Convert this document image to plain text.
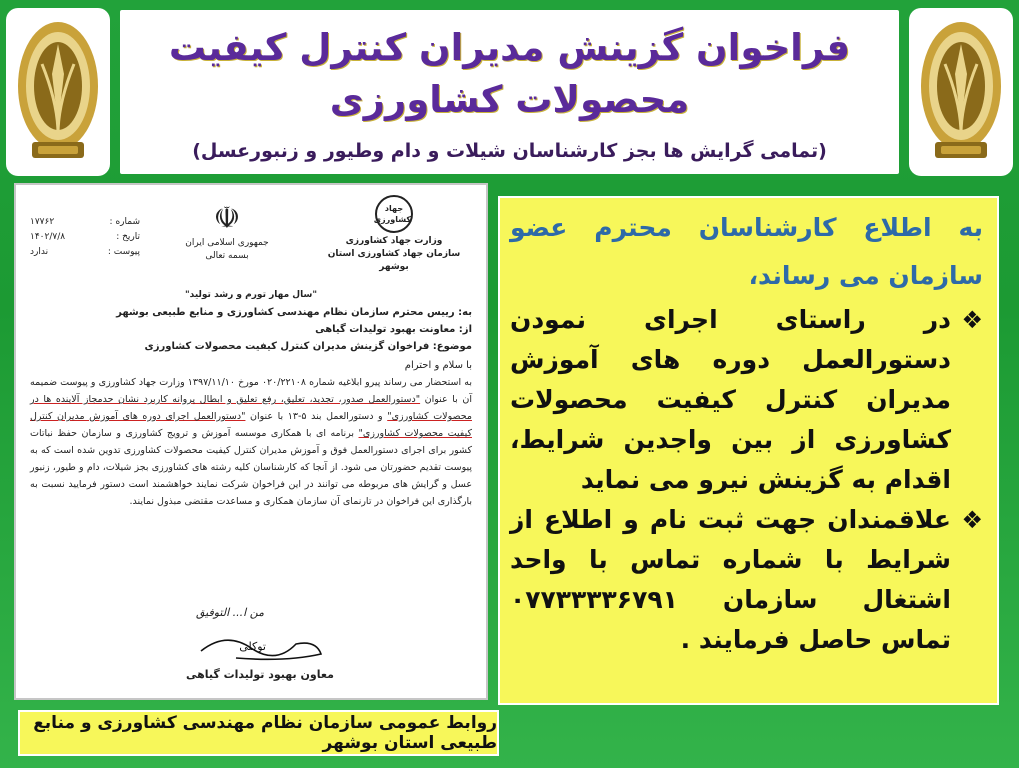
فراخوان گزینش مدیران کنترل کیفیت
محصولات کشاورزی
(تمامی گرایش ها بجز کارشناسان شیلات و دام وطیور و زنبورعسل)
جهاد کشاورزی
وزارت جهاد کشاورزی
سازمان جهاد کشاورزی استان بوشهر
☫
جمهوری اسلامی ایران
بسمه تعالی
شماره :
۱۷۷۶۲
تاریخ :
۱۴۰۲/۷/۸
پیوست :
ندارد
"سال مهار تورم و رشد تولید"
به: رییس محترم سازمان نظام مهندسی کشاورزی و منابع طبیعی بوشهر
از: معاونت بهبود تولیدات گیاهی
موضوع: فراخوان گزینش مدیران کنترل کیفیت محصولات کشاورزی
با سلام و احترام
به استحضار می رساند پیرو ابلاغیه شماره ۰۲۰/۲۲۱۰۸ مورخ ۱۳۹۷/۱۱/۱۰ وزارت جهاد کشاورزی و پیوست ضمیمه آن با عنوان "دستورالعمل صدور، تجدید، تعلیق، رفع تعلیق و ابطال پروانه کاربرد نشان حدمجاز آلاینده ها در محصولات کشاورزی" و دستورالعمل بند ۵-۱۳ با عنوان "دستورالعمل اجرای دوره های آموزش مدیران کنترل کیفیت محصولات کشاورزی" برنامه ای با همکاری موسسه آموزش و ترویج کشاورزی و سازمان حفظ نباتات کشور برای اجرای دستورالعمل فوق و آموزش مدیران کنترل کیفیت محصولات کشاورزی تدوین شده است که به پیوست تقدیم حضورتان می شود. از آنجا که کارشناسان کلیه رشته های کشاورزی بجز شیلات، دام و طیور، زنبور عسل و گرایش های مربوطه می توانند در این فراخوان شرکت نمایند خواهشمند است دستور فرمایید نسبت به بارگذاری این فراخوان در تارنمای آن سازمان همکاری و مساعدت مقتضی مبذول نمایند.
من ا... التوفیق
توکلی
معاون بهبود تولیدات گیاهی
به اطلاع کارشناسان محترم عضو سازمان می رساند،
❖
در راستای اجرای نمودن دستورالعمل دوره های آموزش مدیران کنترل کیفیت محصولات کشاورزی از بین واجدین شرایط، اقدام به گزینش نیرو می نماید
❖
علاقمندان جهت ثبت نام و اطلاع از شرایط با شماره تماس با واحد اشتغال سازمان ۰۷۷۳۳۳۳۶۷۹۱ تماس حاصل فرمایند .
روابط عمومی سازمان نظام مهندسی کشاورزی و منابع طبیعی استان بوشهر
